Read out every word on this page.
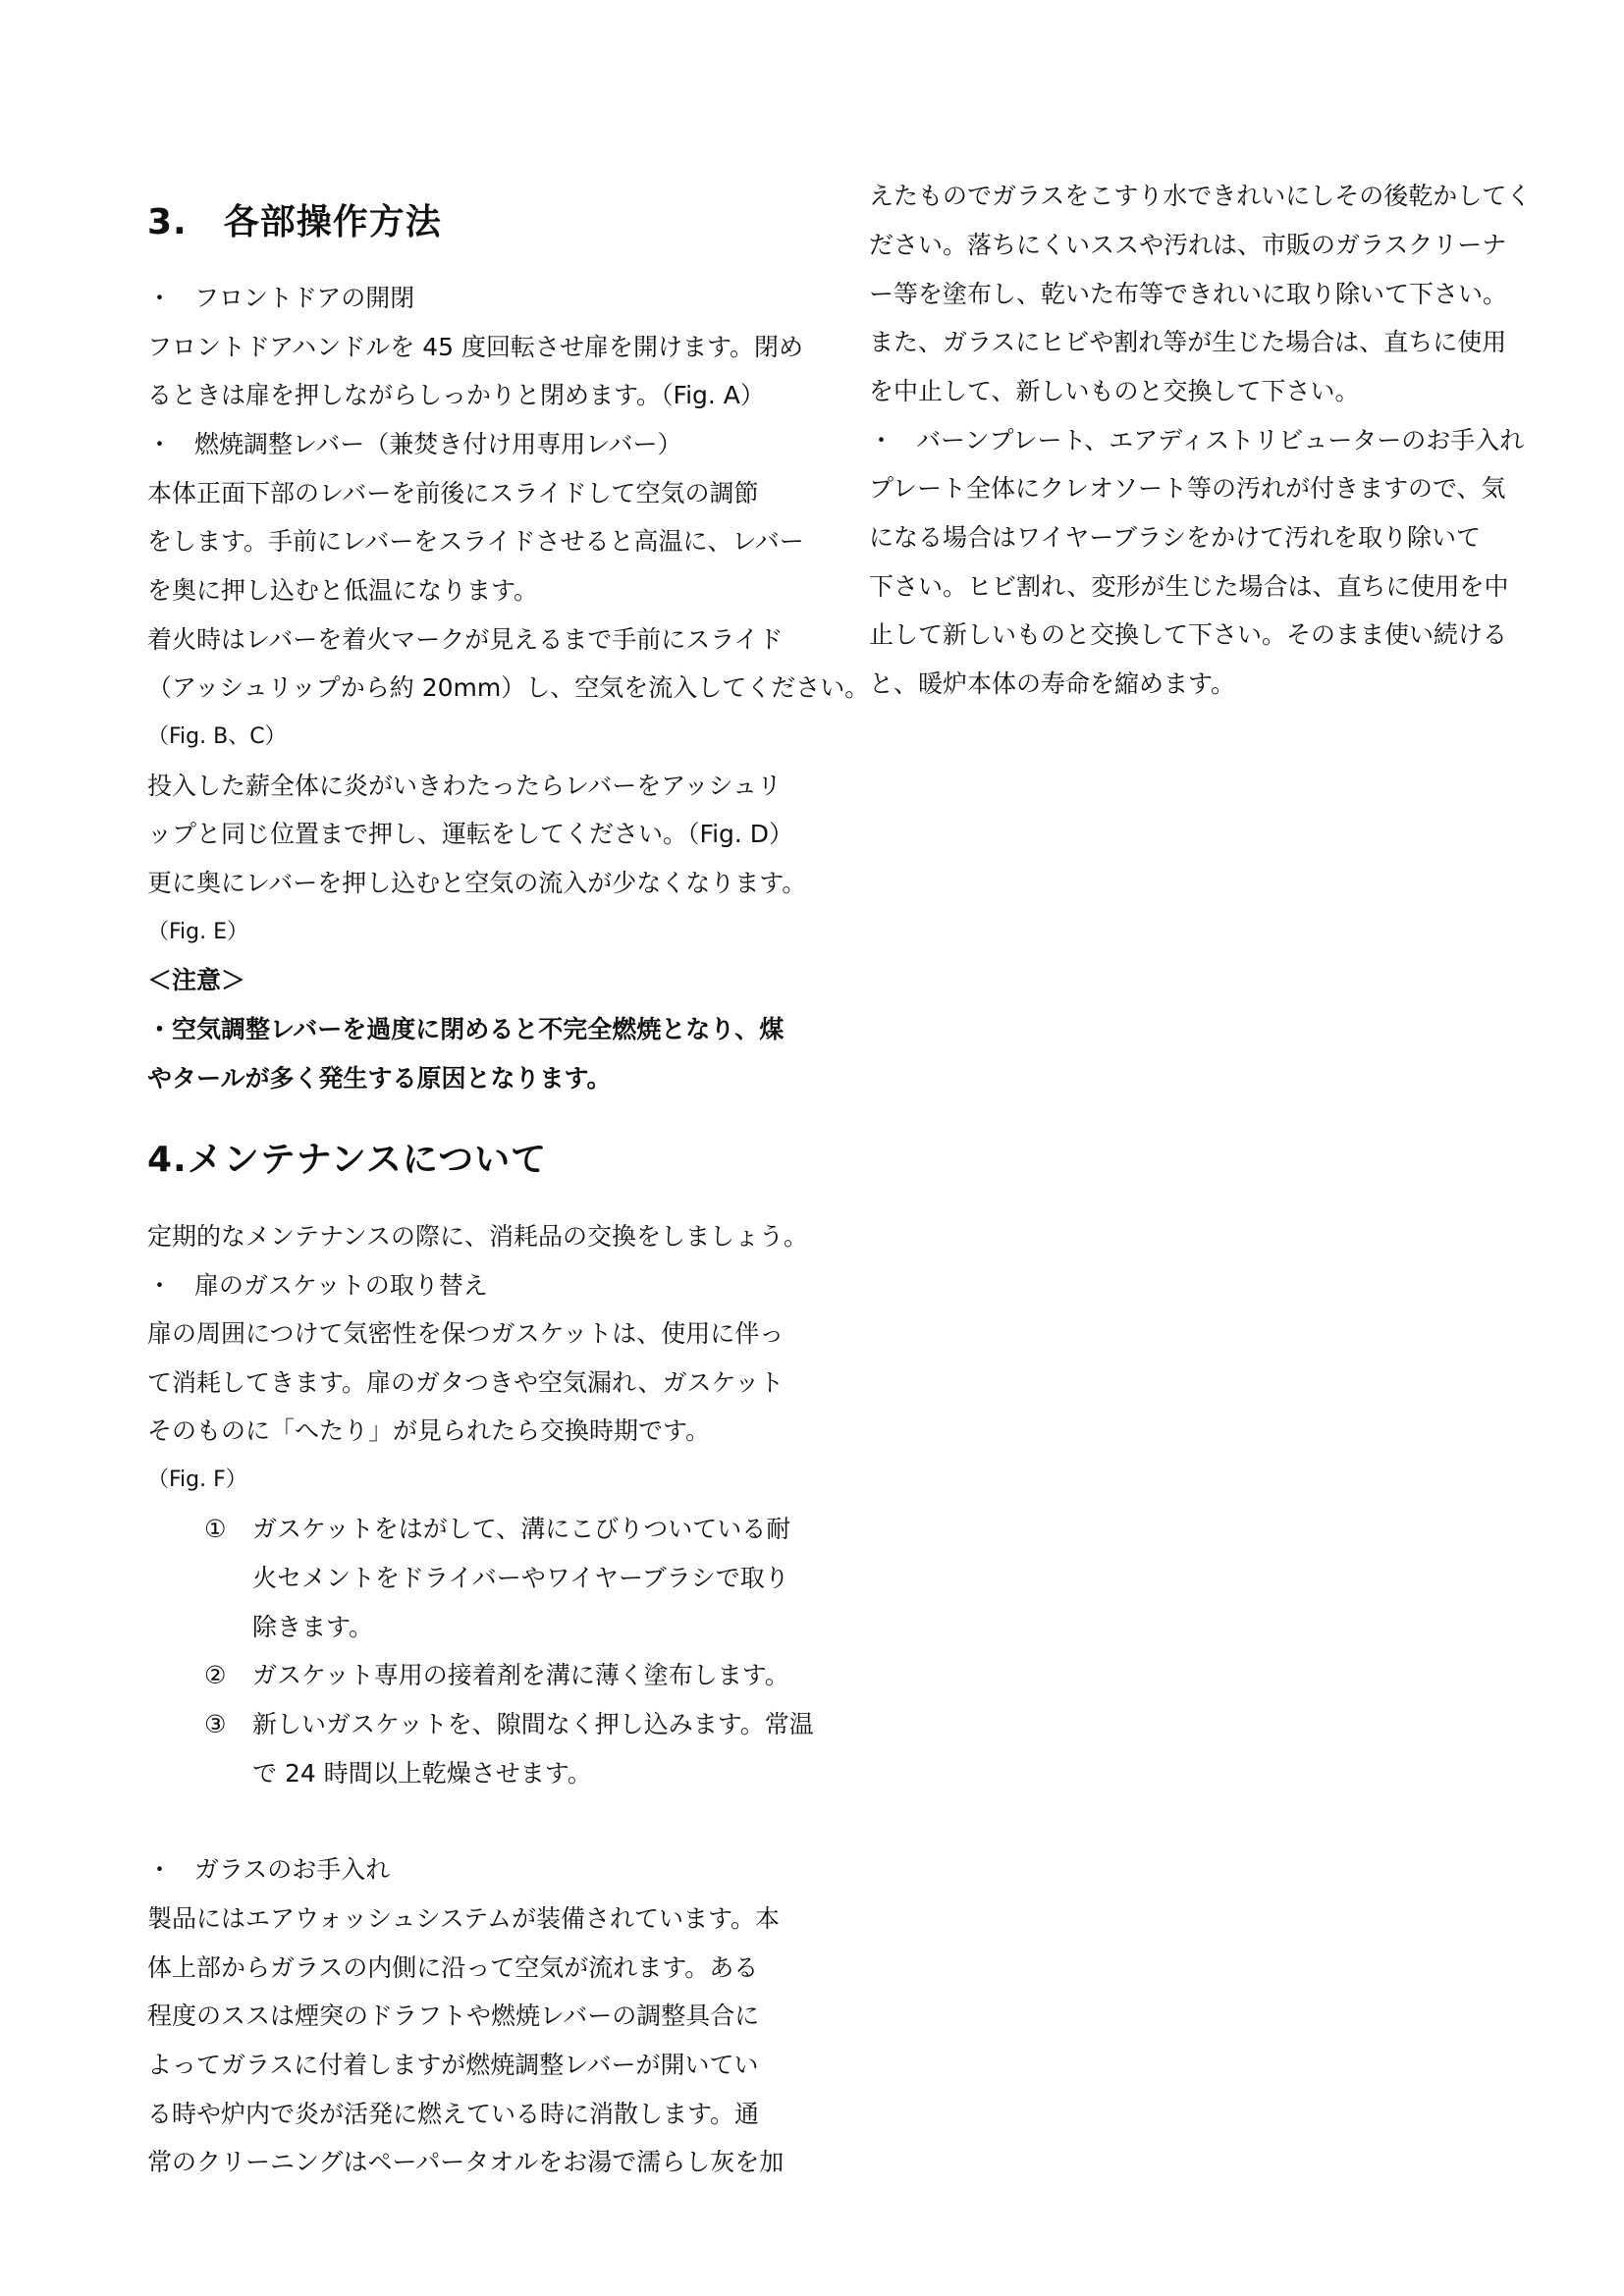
3.　各部操作方法
・ フロントドアの開閉
フロントドアハンドルを 45 度回転させ扉を開けます。閉め
るときは扉を押しながらしっかりと閉めます。（Fig. A）
・ 燃焼調整レバー（兼焚き付け用専用レバー）
本体正面下部のレバーを前後にスライドして空気の調節
をします。手前にレバーをスライドさせると高温に、レバー
を奥に押し込むと低温になります。
着火時はレバーを着火マークが見えるまで手前にスライド
（アッシュリップから約 20mm）し、空気を流入してください。
（Fig. B、C）
投入した薪全体に炎がいきわたったらレバーをアッシュリ
ップと同じ位置まで押し、運転をしてください。（Fig. D）
更に奥にレバーを押し込むと空気の流入が少なくなります。
（Fig. E）
＜注意＞
・空気調整レバーを過度に閉めると不完全燃焼となり、煤
やタールが多く発生する原因となります。
4.メンテナンスについて
定期的なメンテナンスの際に、消耗品の交換をしましょう。
・ 扉のガスケットの取り替え
扉の周囲につけて気密性を保つガスケットは、使用に伴っ
て消耗してきます。扉のガタつきや空気漏れ、ガスケット
そのものに「へたり」が見られたら交換時期です。
（Fig. F）
① ガスケットをはがして、溝にこびりついている耐
火セメントをドライバーやワイヤーブラシで取り
除きます。
② ガスケット専用の接着剤を溝に薄く塗布します。
③ 新しいガスケットを、隙間なく押し込みます。常温
で 24 時間以上乾燥させます。
・ ガラスのお手入れ
製品にはエアウォッシュシステムが装備されています。本
体上部からガラスの内側に沿って空気が流れます。ある
程度のススは煙突のドラフトや燃焼レバーの調整具合に
よってガラスに付着しますが燃焼調整レバーが開いてい
る時や炉内で炎が活発に燃えている時に消散します。通
常のクリーニングはペーパータオルをお湯で濡らし灰を加
えたものでガラスをこすり水できれいにしその後乾かしてく
ださい。落ちにくいススや汚れは、市販のガラスクリーナ
ー等を塗布し、乾いた布等できれいに取り除いて下さい。
また、ガラスにヒビや割れ等が生じた場合は、直ちに使用
を中止して、新しいものと交換して下さい。
・ バーンプレート、エアディストリビューターのお手入れ
プレート全体にクレオソート等の汚れが付きますので、気
になる場合はワイヤーブラシをかけて汚れを取り除いて
下さい。ヒビ割れ、変形が生じた場合は、直ちに使用を中
止して新しいものと交換して下さい。そのまま使い続ける
と、暖炉本体の寿命を縮めます。
